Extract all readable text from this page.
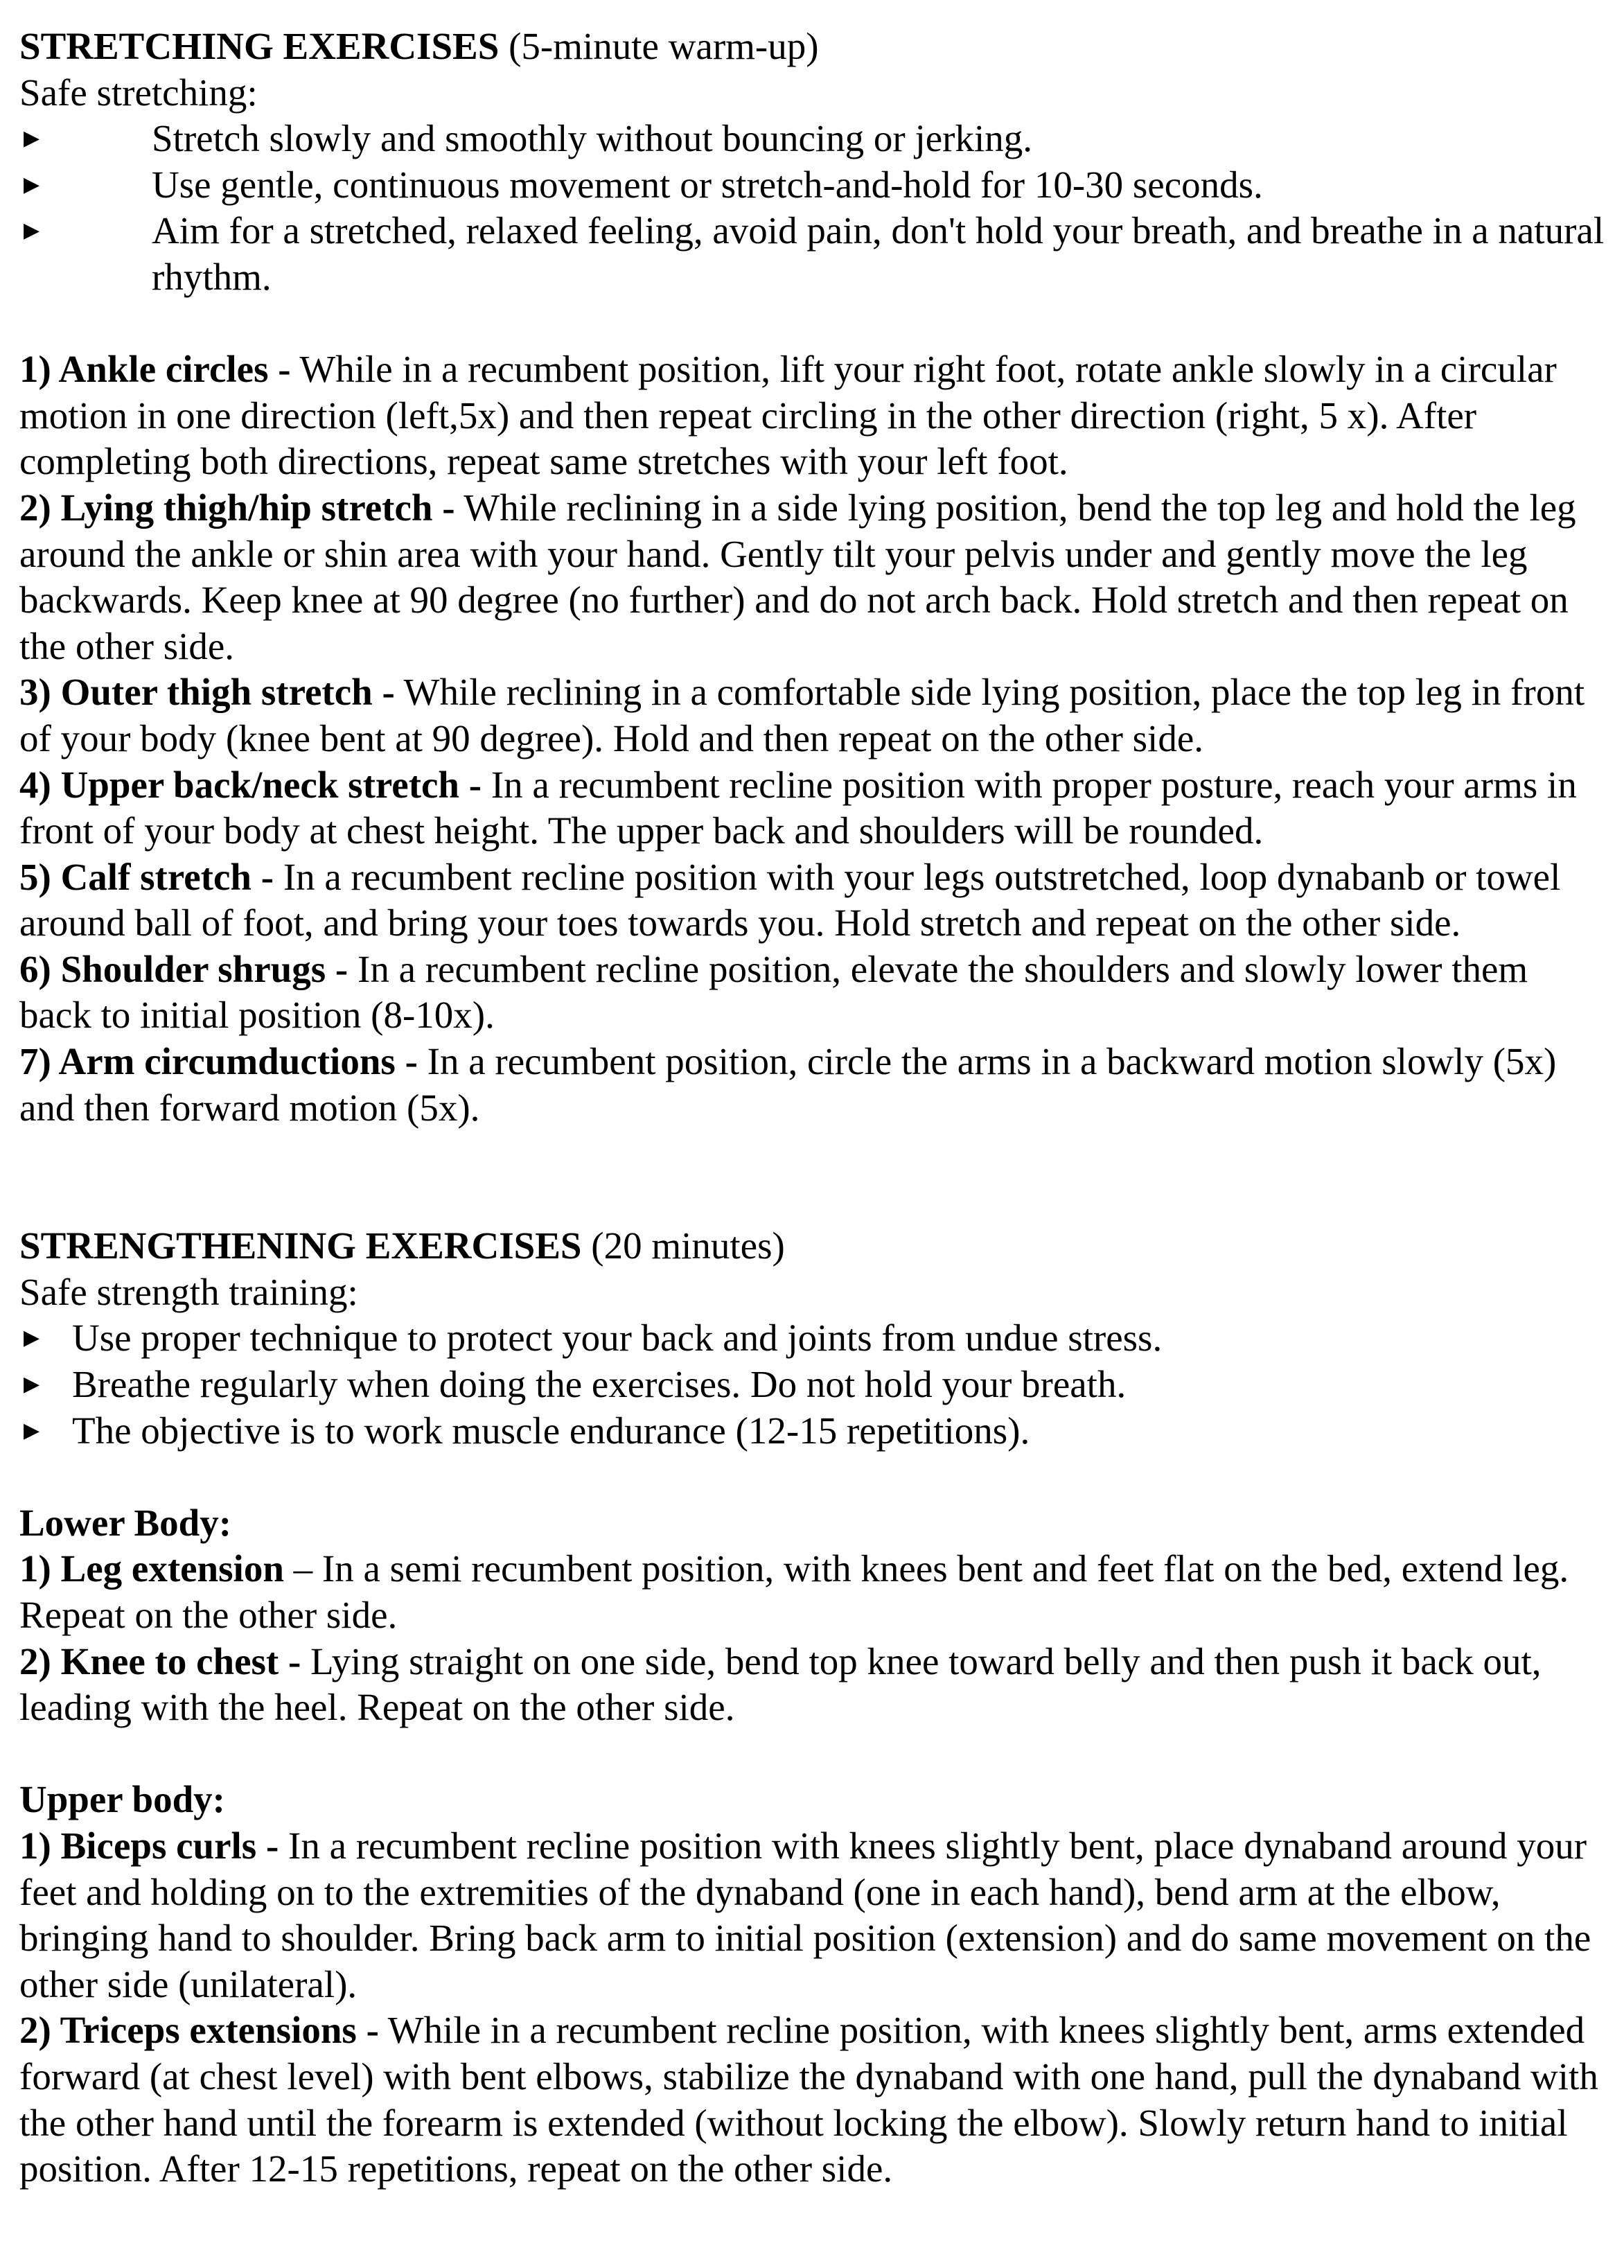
STRETCHING EXERCISES (5-minute warm-up)

Safe stretching:

▶	Stretch slowly and smoothly without bouncing or jerking.
▶	Use gentle, continuous movement or stretch-and-hold for 10-30 seconds.
▶	Aim for a stretched, relaxed feeling, avoid pain, don't hold your breath, and breathe in a natural rhythm.

1) Ankle circles - While in a recumbent position, lift your right foot, rotate ankle slowly in a circular motion in one direction (left,5x) and then repeat circling in the other direction (right, 5 x). After completing both directions, repeat same stretches with your left foot.

2) Lying thigh/hip stretch - While reclining in a side lying position, bend the top leg and hold the leg around the ankle or shin area with your hand. Gently tilt your pelvis under and gently move the leg backwards. Keep knee at 90 degree (no further) and do not arch back. Hold stretch and then repeat on the other side.

3) Outer thigh stretch - While reclining in a comfortable side lying position, place the top leg in front of your body (knee bent at 90 degree). Hold and then repeat on the other side.

4) Upper back/neck stretch - In a recumbent recline position with proper posture, reach your arms in front of your body at chest height. The upper back and shoulders will be rounded.

5) Calf stretch - In a recumbent recline position with your legs outstretched, loop dynabanb or towel around ball of foot, and bring your toes towards you. Hold stretch and repeat on the other side.

6) Shoulder shrugs - In a recumbent recline position, elevate the shoulders and slowly lower them back to initial position (8-10x).

7) Arm circumductions - In a recumbent position, circle the arms in a backward motion slowly (5x) and then forward motion (5x).

STRENGTHENING EXERCISES (20 minutes)

Safe strength training:

▶ Use proper technique to protect your back and joints from undue stress.
▶ Breathe regularly when doing the exercises. Do not hold your breath.
▶ The objective is to work muscle endurance (12-15 repetitions).

Lower Body:

1) Leg extension – In a semi recumbent position, with knees bent and feet flat on the bed, extend leg. Repeat on the other side.

2) Knee to chest - Lying straight on one side, bend top knee toward belly and then push it back out, leading with the heel. Repeat on the other side.

Upper body:

1) Biceps curls - In a recumbent recline position with knees slightly bent, place dynaband around your feet and holding on to the extremities of the dynaband (one in each hand), bend arm at the elbow, bringing hand to shoulder. Bring back arm to initial position (extension) and do same movement on the other side (unilateral).

2) Triceps extensions - While in a recumbent recline position, with knees slightly bent, arms extended forward (at chest level) with bent elbows, stabilize the dynaband with one hand, pull the dynaband with the other hand until the forearm is extended (without locking the elbow). Slowly return hand to initial position. After 12-15 repetitions, repeat on the other side.
